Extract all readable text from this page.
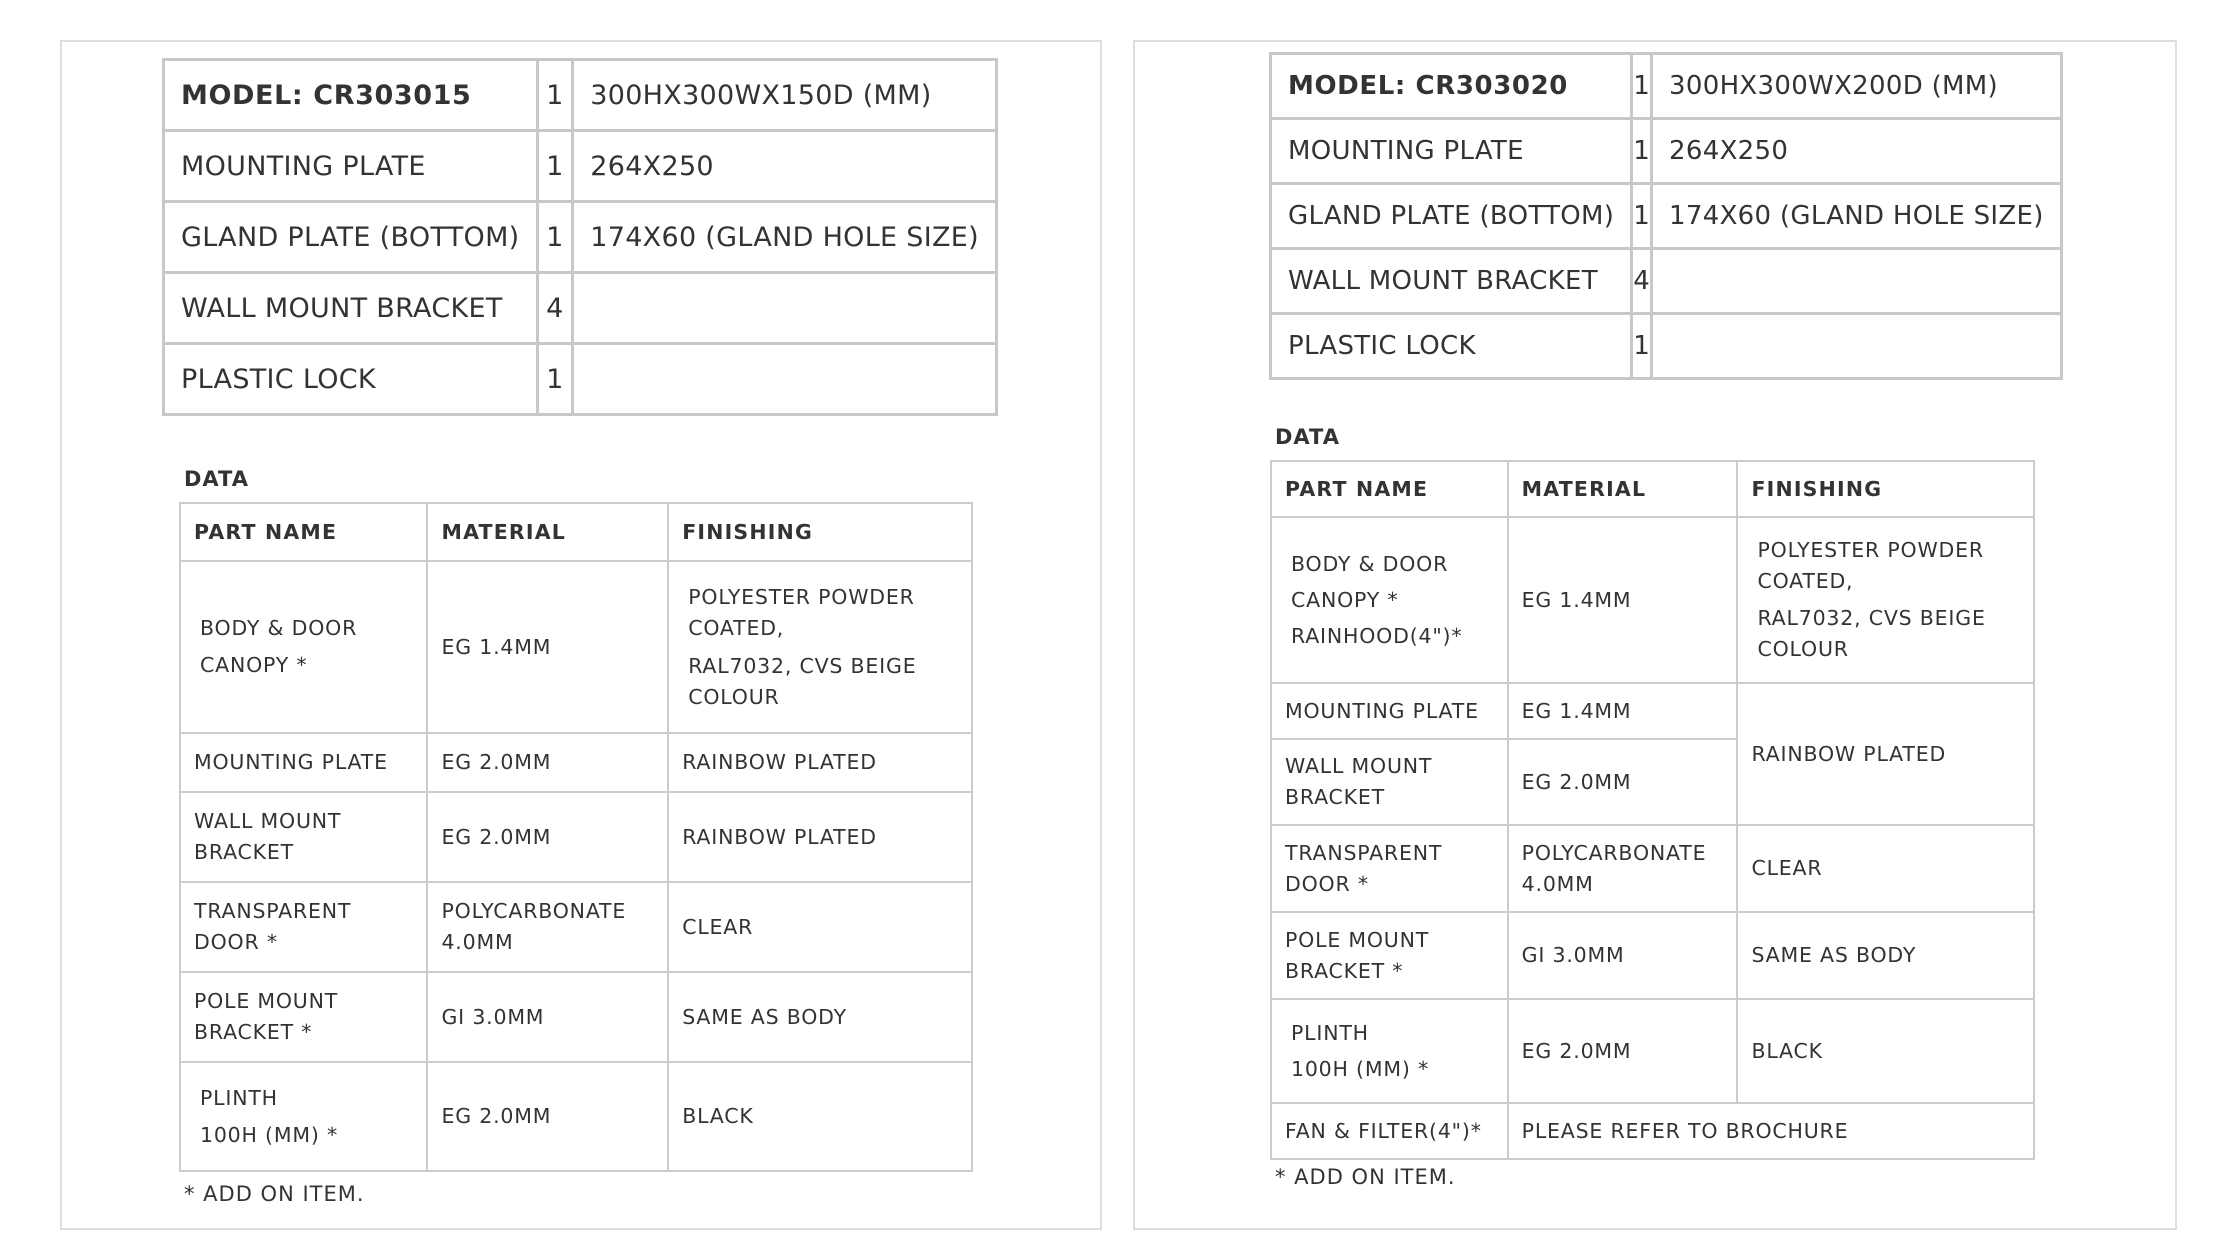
MODEL: CR303015	1	300HX300WX150D (MM)
MOUNTING PLATE	1	264X250
GLAND PLATE (BOTTOM)	1	174X60 (GLAND HOLE SIZE)
WALL MOUNT BRACKET	4	
PLASTIC LOCK	1	
DATA
PART NAME	MATERIAL	FINISHING

BODY & DOOR
CANOPY *	EG 1.4MM	POLYESTER POWDER
COATED,
RAL7032, CVS BEIGE
COLOUR

MOUNTING PLATE	EG 2.0MM	RAINBOW PLATED

WALL MOUNT
BRACKET	EG 2.0MM	RAINBOW PLATED

TRANSPARENT
DOOR *	POLYCARBONATE
4.0MM	CLEAR

POLE MOUNT
BRACKET *	GI 3.0MM	SAME AS BODY

PLINTH
100H (MM) *	EG 2.0MM	BLACK
* ADD ON ITEM.
MODEL: CR303020	1	300HX300WX200D (MM)
MOUNTING PLATE	1	264X250
GLAND PLATE (BOTTOM)	1	174X60 (GLAND HOLE SIZE)
WALL MOUNT BRACKET	4	
PLASTIC LOCK	1	
DATA
PART NAME	MATERIAL	FINISHING

BODY & DOOR
CANOPY *
RAINHOOD(4")*	EG 1.4MM	POLYESTER POWDER
COATED,
RAL7032, CVS BEIGE
COLOUR

MOUNTING PLATE	EG 1.4MM	RAINBOW PLATED

WALL MOUNT
BRACKET	EG 2.0MM	

TRANSPARENT
DOOR *	POLYCARBONATE
4.0MM	CLEAR

POLE MOUNT
BRACKET *	GI 3.0MM	SAME AS BODY

PLINTH
100H (MM) *	EG 2.0MM	BLACK

FAN & FILTER(4")*	PLEASE REFER TO BROCHURE	
* ADD ON ITEM.
